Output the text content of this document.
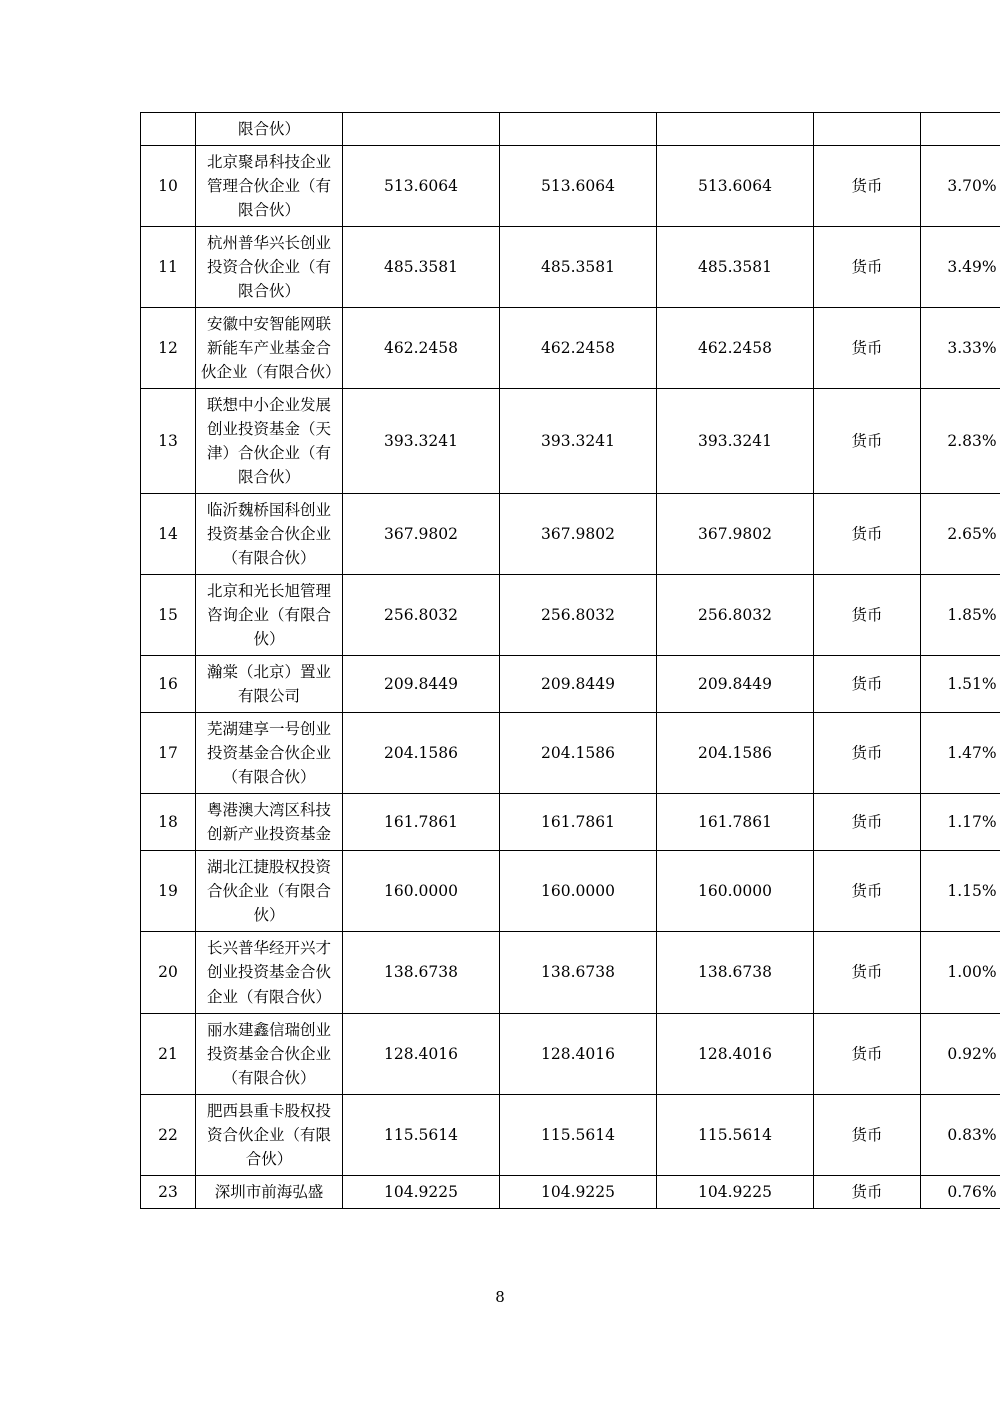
	限合伙）					
10	北京聚昂科技企业管理合伙企业（有限合伙）	513.6064	513.6064	513.6064	货币	3.70%
11	杭州普华兴长创业投资合伙企业（有限合伙）	485.3581	485.3581	485.3581	货币	3.49%
12	安徽中安智能网联新能车产业基金合伙企业（有限合伙）	462.2458	462.2458	462.2458	货币	3.33%
13	联想中小企业发展创业投资基金（天津）合伙企业（有限合伙）	393.3241	393.3241	393.3241	货币	2.83%
14	临沂魏桥国科创业投资基金合伙企业（有限合伙）	367.9802	367.9802	367.9802	货币	2.65%
15	北京和光长旭管理咨询企业（有限合伙）	256.8032	256.8032	256.8032	货币	1.85%
16	瀚棠（北京）置业有限公司	209.8449	209.8449	209.8449	货币	1.51%
17	芜湖建享一号创业投资基金合伙企业（有限合伙）	204.1586	204.1586	204.1586	货币	1.47%
18	粤港澳大湾区科技创新产业投资基金	161.7861	161.7861	161.7861	货币	1.17%
19	湖北江捷股权投资合伙企业（有限合伙）	160.0000	160.0000	160.0000	货币	1.15%
20	长兴普华经开兴才创业投资基金合伙企业（有限合伙）	138.6738	138.6738	138.6738	货币	1.00%
21	丽水建鑫信瑞创业投资基金合伙企业（有限合伙）	128.4016	128.4016	128.4016	货币	0.92%
22	肥西县重卡股权投资合伙企业（有限合伙）	115.5614	115.5614	115.5614	货币	0.83%
23	深圳市前海弘盛	104.9225	104.9225	104.9225	货币	0.76%
8
